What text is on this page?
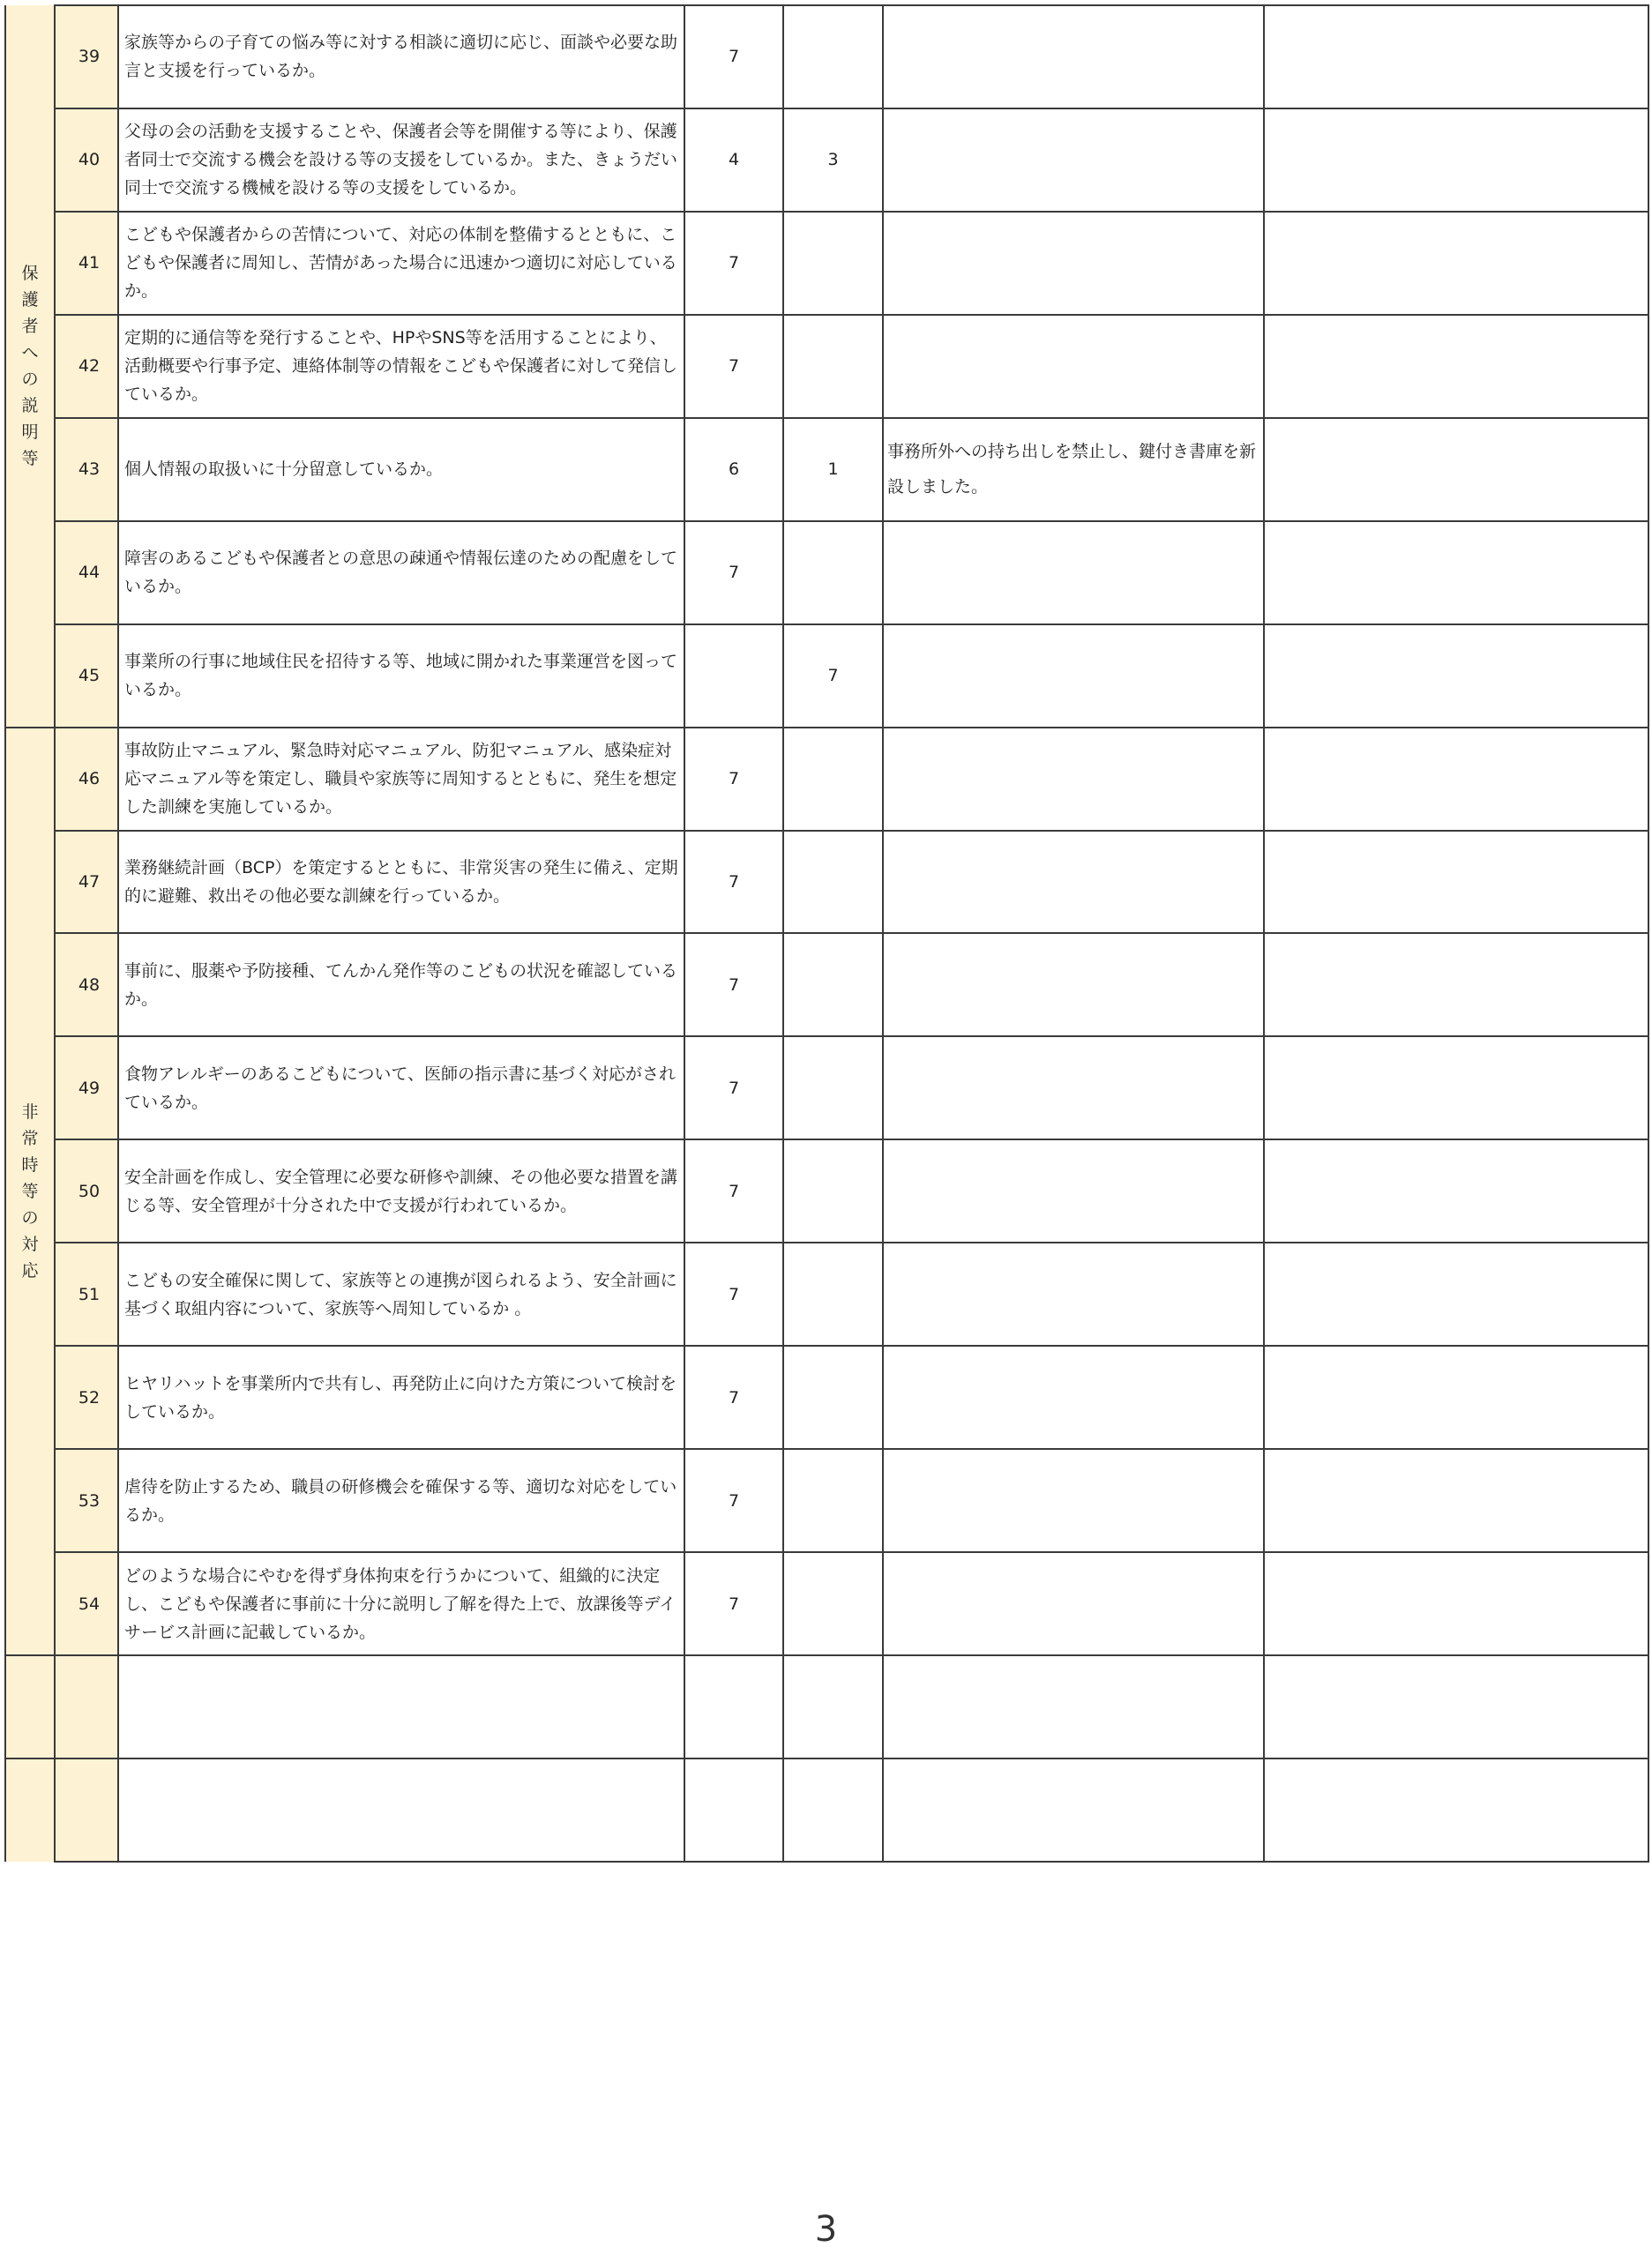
保護者への説明等	39	家族等からの子育ての悩み等に対する相談に適切に応じ、面談や必要な助言と支援を行っているか。	7			
	40	父母の会の活動を支援することや、保護者会等を開催する等により、保護者同士で交流する機会を設ける等の支援をしているか。また、きょうだい同士で交流する機械を設ける等の支援をしているか。	4	3		
	41	こどもや保護者からの苦情について、対応の体制を整備するとともに、こどもや保護者に周知し、苦情があった場合に迅速かつ適切に対応しているか。	7			
	42	定期的に通信等を発行することや、HPやSNS等を活用することにより、活動概要や行事予定、連絡体制等の情報をこどもや保護者に対して発信しているか。	7			
	43	個人情報の取扱いに十分留意しているか。	6	1	事務所外への持ち出しを禁止し、鍵付き書庫を新設しました。	
	44	障害のあるこどもや保護者との意思の疎通や情報伝達のための配慮をしているか。	7			
	45	事業所の行事に地域住民を招待する等、地域に開かれた事業運営を図っているか。		7		
非常時等の対応	46	事故防止マニュアル、緊急時対応マニュアル、防犯マニュアル、感染症対応マニュアル等を策定し、職員や家族等に周知するとともに、発生を想定した訓練を実施しているか。	7			
	47	業務継続計画（BCP）を策定するとともに、非常災害の発生に備え、定期的に避難、救出その他必要な訓練を行っているか。	7			
	48	事前に、服薬や予防接種、てんかん発作等のこどもの状況を確認しているか。	7			
	49	食物アレルギーのあるこどもについて、医師の指示書に基づく対応がされているか。	7			
	50	安全計画を作成し、安全管理に必要な研修や訓練、その他必要な措置を講じる等、安全管理が十分された中で支援が行われているか。	7			
	51	こどもの安全確保に関して、家族等との連携が図られるよう、安全計画に基づく取組内容について、家族等へ周知しているか 。	7			
	52	ヒヤリハットを事業所内で共有し、再発防止に向けた方策について検討をしているか。	7			
	53	虐待を防止するため、職員の研修機会を確保する等、適切な対応をしているか。	7			
	54	どのような場合にやむを得ず身体拘束を行うかについて、組織的に決定し、こどもや保護者に事前に十分に説明し了解を得た上で、放課後等デイサービス計画に記載しているか。	7			

3
